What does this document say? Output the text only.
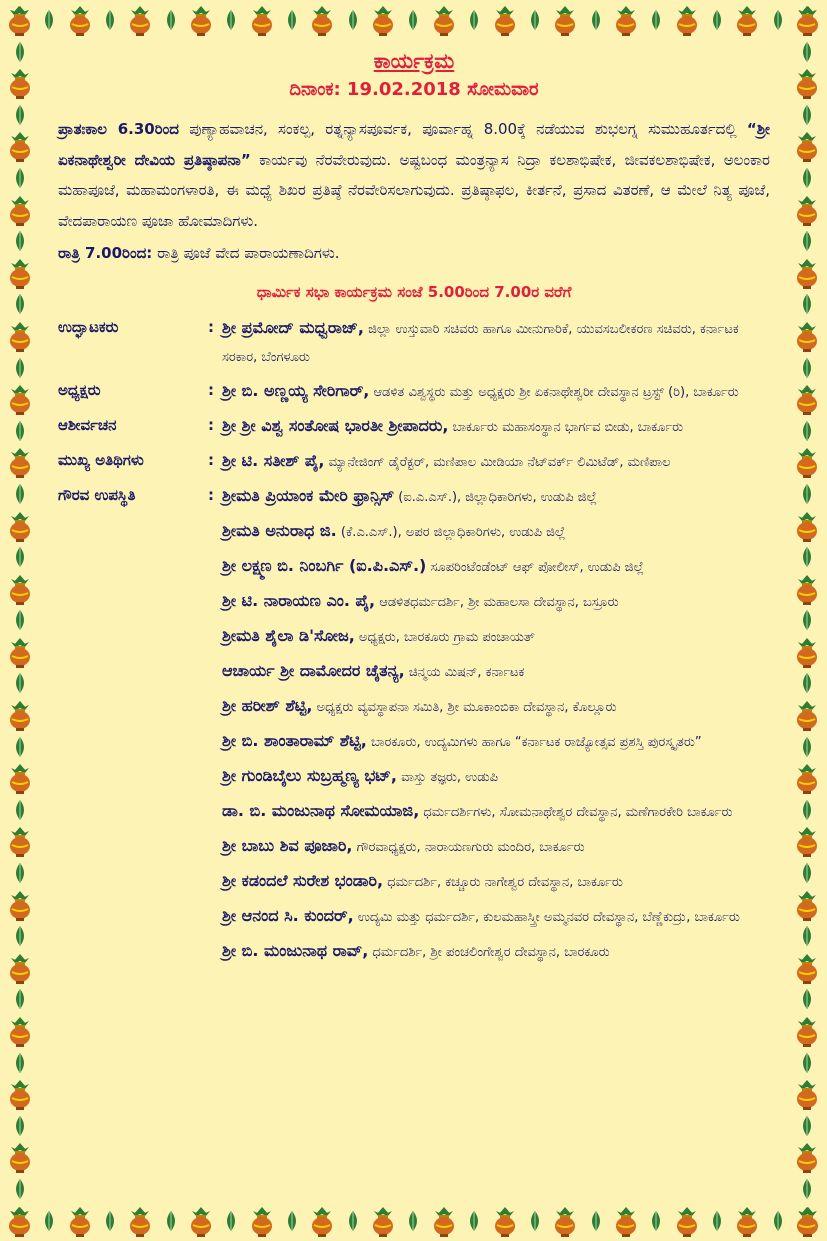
ಕಾರ್ಯಕ್ರಮ
ದಿನಾಂಕ: 19.02.2018 ಸೋಮವಾರ
ಪ್ರಾತಃಕಾಲ 6.30ರಿಂದ ಪುಣ್ಯಾಹವಾಚನ, ಸಂಕಲ್ಪ, ರತ್ನನ್ಯಾಸಪೂರ್ವಕ, ಪೂರ್ವಾಹ್ನ 8.00ಕ್ಕೆ ನಡೆಯುವ ಶುಭಲಗ್ನ ಸುಮುಹೂರ್ತದಲ್ಲಿ “ಶ್ರೀ ಏಕನಾಥೇಶ್ವರೀ ದೇವಿಯ ಪ್ರತಿಷ್ಠಾಪನಾ” ಕಾರ್ಯವು ನೆರವೇರುವುದು. ಅಷ್ಟಬಂಧ ಮಂತ್ರನ್ಯಾಸ ನಿದ್ರಾ ಕಲಶಾಭಿಷೇಕ, ಜೀವಕಲಶಾಭಿಷೇಕ, ಅಲಂಕಾರ ಮಹಾಪೂಜೆ, ಮಹಾಮಂಗಳಾರತಿ, ಈ ಮಧ್ಯೆ ಶಿಖರ ಪ್ರತಿಷ್ಠೆ ನೆರವೇರಿಸಲಾಗುವುದು. ಪ್ರತಿಷ್ಠಾಫಲ, ಕೀರ್ತನೆ, ಪ್ರಸಾದ ವಿತರಣೆ, ಆ ಮೇಲೆ ನಿತ್ಯ ಪೂಜೆ, ವೇದಪಾರಾಯಣ ಪೂಜಾ ಹೋಮಾದಿಗಳು.
ರಾತ್ರಿ 7.00ರಿಂದ: ರಾತ್ರಿ ಪೂಜೆ ವೇದ ಪಾರಾಯಣಾದಿಗಳು.
ಧಾರ್ಮಿಕ ಸಭಾ ಕಾರ್ಯಕ್ರಮ ಸಂಜೆ 5.00ರಿಂದ 7.00ರ ವರೆಗೆ
ಉದ್ಘಾಟಕರು	: ಶ್ರೀ ಪ್ರಮೋದ್ ಮಧ್ವರಾಜ್, ಜಿಲ್ಲಾ ಉಸ್ತುವಾರಿ ಸಚಿವರು ಹಾಗೂ ಮೀನುಗಾರಿಕೆ, ಯುವಸಬಲೀಕರಣ ಸಚಿವರು, ಕರ್ನಾಟಕ ಸರಕಾರ, ಬೆಂಗಳೂರು
ಅಧ್ಯಕ್ಷರು	: ಶ್ರೀ ಬಿ. ಅಣ್ಣಯ್ಯ ಸೇರಿಗಾರ್, ಆಡಳಿತ ವಿಶ್ವಸ್ಥರು ಮತ್ತು ಅಧ್ಯಕ್ಷರು ಶ್ರೀ ಏಕನಾಥೇಶ್ವರೀ ದೇವಸ್ಥಾನ ಟ್ರಸ್ಟ್ (ರಿ), ಬಾರ್ಕೂರು
ಆಶೀರ್ವಚನ	: ಶ್ರೀ ಶ್ರೀ ವಿಶ್ವ ಸಂತೋಷ ಭಾರತೀ ಶ್ರೀಪಾದರು, ಬಾರ್ಕೂರು ಮಹಾಸಂಸ್ಥಾನ ಭಾರ್ಗವ ಬೀಡು, ಬಾರ್ಕೂರು
ಮುಖ್ಯ ಅತಿಥಿಗಳು	: ಶ್ರೀ ಟಿ. ಸತೀಶ್ ಪೈ, ಮ್ಯಾನೇಜಿಂಗ್ ಡೈರೆಕ್ಟರ್, ಮಣಿಪಾಲ ಮೀಡಿಯಾ ನೆಟ್‌ವರ್ಕ್ ಲಿಮಿಟೆಡ್, ಮಣಿಪಾಲ
ಗೌರವ ಉಪಸ್ಥಿತಿ	: ಶ್ರೀಮತಿ ಪ್ರಿಯಾಂಕ ಮೇರಿ ಫ್ರಾನ್ಸಿಸ್ (ಐ.ಎ.ಎಸ್.), ಜಿಲ್ಲಾಧಿಕಾರಿಗಳು, ಉಡುಪಿ ಜಿಲ್ಲೆ
ಶ್ರೀಮತಿ ಅನುರಾಧ ಜಿ. (ಕೆ.ಎ.ಎಸ್.), ಅಪರ ಜಿಲ್ಲಾಧಿಕಾರಿಗಳು, ಉಡುಪಿ ಜಿಲ್ಲೆ
ಶ್ರೀ ಲಕ್ಷ್ಮಣ ಬಿ. ನಿಂಬರ್ಗಿ (ಐ.ಪಿ.ಎಸ್.) ಸೂಪರಿಂಟೆಂಡೆಂಟ್ ಆಫ್ ಪೋಲೀಸ್, ಉಡುಪಿ ಜಿಲ್ಲೆ
ಶ್ರೀ ಟಿ. ನಾರಾಯಣ ಎಂ. ಪೈ, ಆಡಳಿತಧರ್ಮದರ್ಶಿ, ಶ್ರೀ ಮಹಾಲಸಾ ದೇವಸ್ಥಾನ, ಬಸ್ರೂರು
ಶ್ರೀಮತಿ ಶೈಲಾ ಡಿ'ಸೋಜ, ಅಧ್ಯಕ್ಷರು, ಬಾರಕೂರು ಗ್ರಾಮ ಪಂಚಾಯತ್
ಆಚಾರ್ಯ ಶ್ರೀ ದಾಮೋದರ ಚೈತನ್ಯ, ಚಿನ್ಮಯ ಮಿಷನ್, ಕರ್ನಾಟಕ
ಶ್ರೀ ಹರೀಶ್ ಶೆಟ್ಟಿ, ಅಧ್ಯಕ್ಷರು ವ್ಯವಸ್ಥಾಪನಾ ಸಮಿತಿ, ಶ್ರೀ ಮೂಕಾಂಬಿಕಾ ದೇವಸ್ಥಾನ, ಕೊಲ್ಲೂರು
ಶ್ರೀ ಬಿ. ಶಾಂತಾರಾಮ್ ಶೆಟ್ಟಿ, ಬಾರಕೂರು, ಉದ್ಯಮಿಗಳು ಹಾಗೂ “ಕರ್ನಾಟಕ ರಾಜ್ಯೋತ್ಸವ ಪ್ರಶಸ್ತಿ ಪುರಸ್ಕೃತರು”
ಶ್ರೀ ಗುಂಡಿಬೈಲು ಸುಬ್ರಹ್ಮಣ್ಯ ಭಟ್, ವಾಸ್ತು ತಜ್ಞರು, ಉಡುಪಿ
ಡಾ. ಬಿ. ಮಂಜುನಾಥ ಸೋಮಯಾಜಿ, ಧರ್ಮದರ್ಶಿಗಳು, ಸೋಮನಾಥೇಶ್ವರ ದೇವಸ್ಥಾನ, ಮಣೆಗಾರಕೇರಿ ಬಾರ್ಕೂರು
ಶ್ರೀ ಬಾಬು ಶಿವ ಪೂಜಾರಿ, ಗೌರವಾಧ್ಯಕ್ಷರು, ನಾರಾಯಣಗುರು ಮಂದಿರ, ಬಾರ್ಕೂರು
ಶ್ರೀ ಕಡಂದಲೆ ಸುರೇಶ ಭಂಡಾರಿ, ಧರ್ಮದರ್ಶಿ, ಕಚ್ಚೂರು ನಾಗೇಶ್ವರ ದೇವಸ್ಥಾನ, ಬಾರ್ಕೂರು
ಶ್ರೀ ಆನಂದ ಸಿ. ಕುಂದರ್, ಉದ್ಯಮಿ ಮತ್ತು ಧರ್ಮದರ್ಶಿ, ಕುಲಮಹಾಸ್ತ್ರೀ ಅಮ್ಮನವರ ದೇವಸ್ಥಾನ, ಬೆಣ್ಣೆಕುದ್ರು, ಬಾರ್ಕೂರು
ಶ್ರೀ ಬಿ. ಮಂಜುನಾಥ ರಾವ್, ಧರ್ಮದರ್ಶಿ, ಶ್ರೀ ಪಂಚಲಿಂಗೇಶ್ವರ ದೇವಸ್ಥಾನ, ಬಾರಕೂರು
